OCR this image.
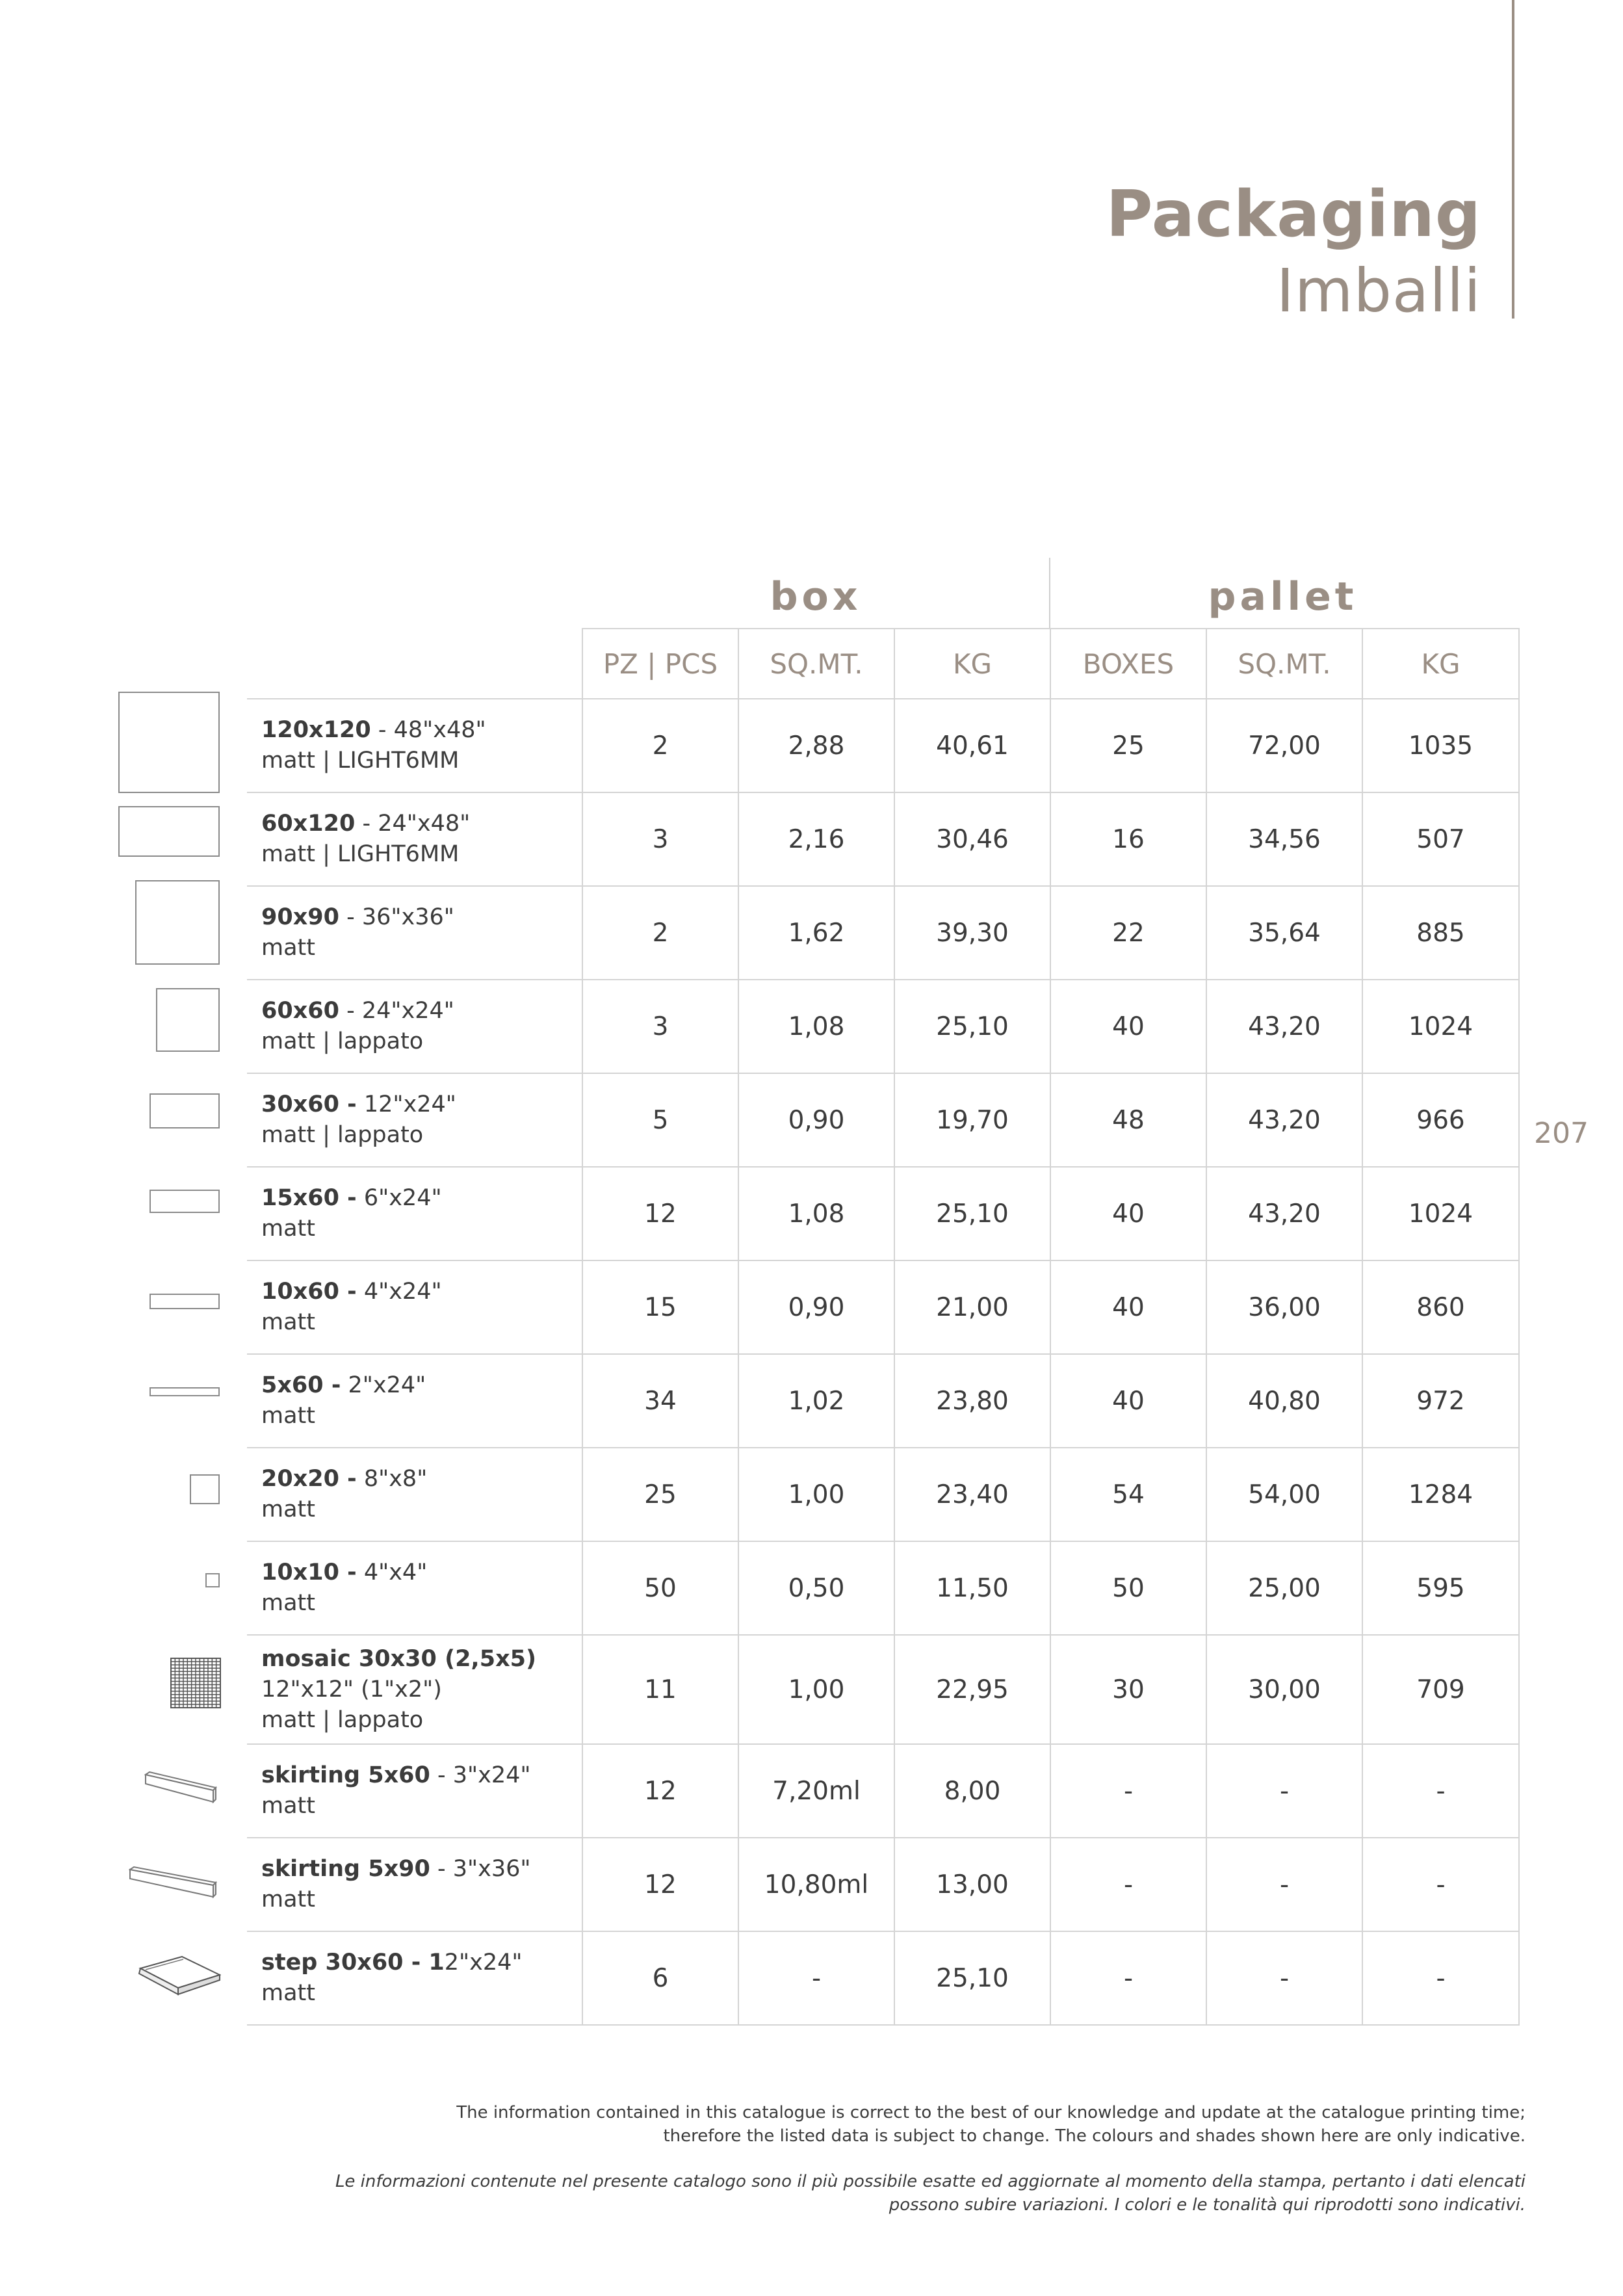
Packaging
Imballi
207
box	pallet
	PZ | PCS	SQ.MT.	KG	BOXES	SQ.MT.	KG

120x120 - 48"x48"
matt | LIGHT6MM	2	2,88	40,61	25	72,00	1035

60x120 - 24"x48"
matt | LIGHT6MM	3	2,16	30,46	16	34,56	507

90x90 - 36"x36"
matt	2	1,62	39,30	22	35,64	885

60x60 - 24"x24"
matt | lappato	3	1,08	25,10	40	43,20	1024

30x60 - 12"x24"
matt | lappato	5	0,90	19,70	48	43,20	966

15x60 - 6"x24"
matt	12	1,08	25,10	40	43,20	1024

10x60 - 4"x24"
matt	15	0,90	21,00	40	36,00	860

5x60 - 2"x24"
matt	34	1,02	23,80	40	40,80	972

20x20 - 8"x8"
matt	25	1,00	23,40	54	54,00	1284

10x10 - 4"x4"
matt	50	0,50	11,50	50	25,00	595

mosaic 30x30 (2,5x5)
12"x12" (1"x2")
matt | lappato	11	1,00	22,95	30	30,00	709

skirting 5x60 - 3"x24"
matt	12	7,20ml	8,00	-	-	-

skirting 5x90 - 3"x36"
matt	12	10,80ml	13,00	-	-	-

step 30x60 - 12"x24"
matt	6	-	25,10	-	-	-

The information contained in this catalogue is correct to the best of our knowledge and update at the catalogue printing time;
therefore the listed data is subject to change. The colours and shades shown here are only indicative.

Le informazioni contenute nel presente catalogo sono il più possibile esatte ed aggiornate al momento della stampa, pertanto i dati elencati
possono subire variazioni. I colori e le tonalità qui riprodotti sono indicativi.
